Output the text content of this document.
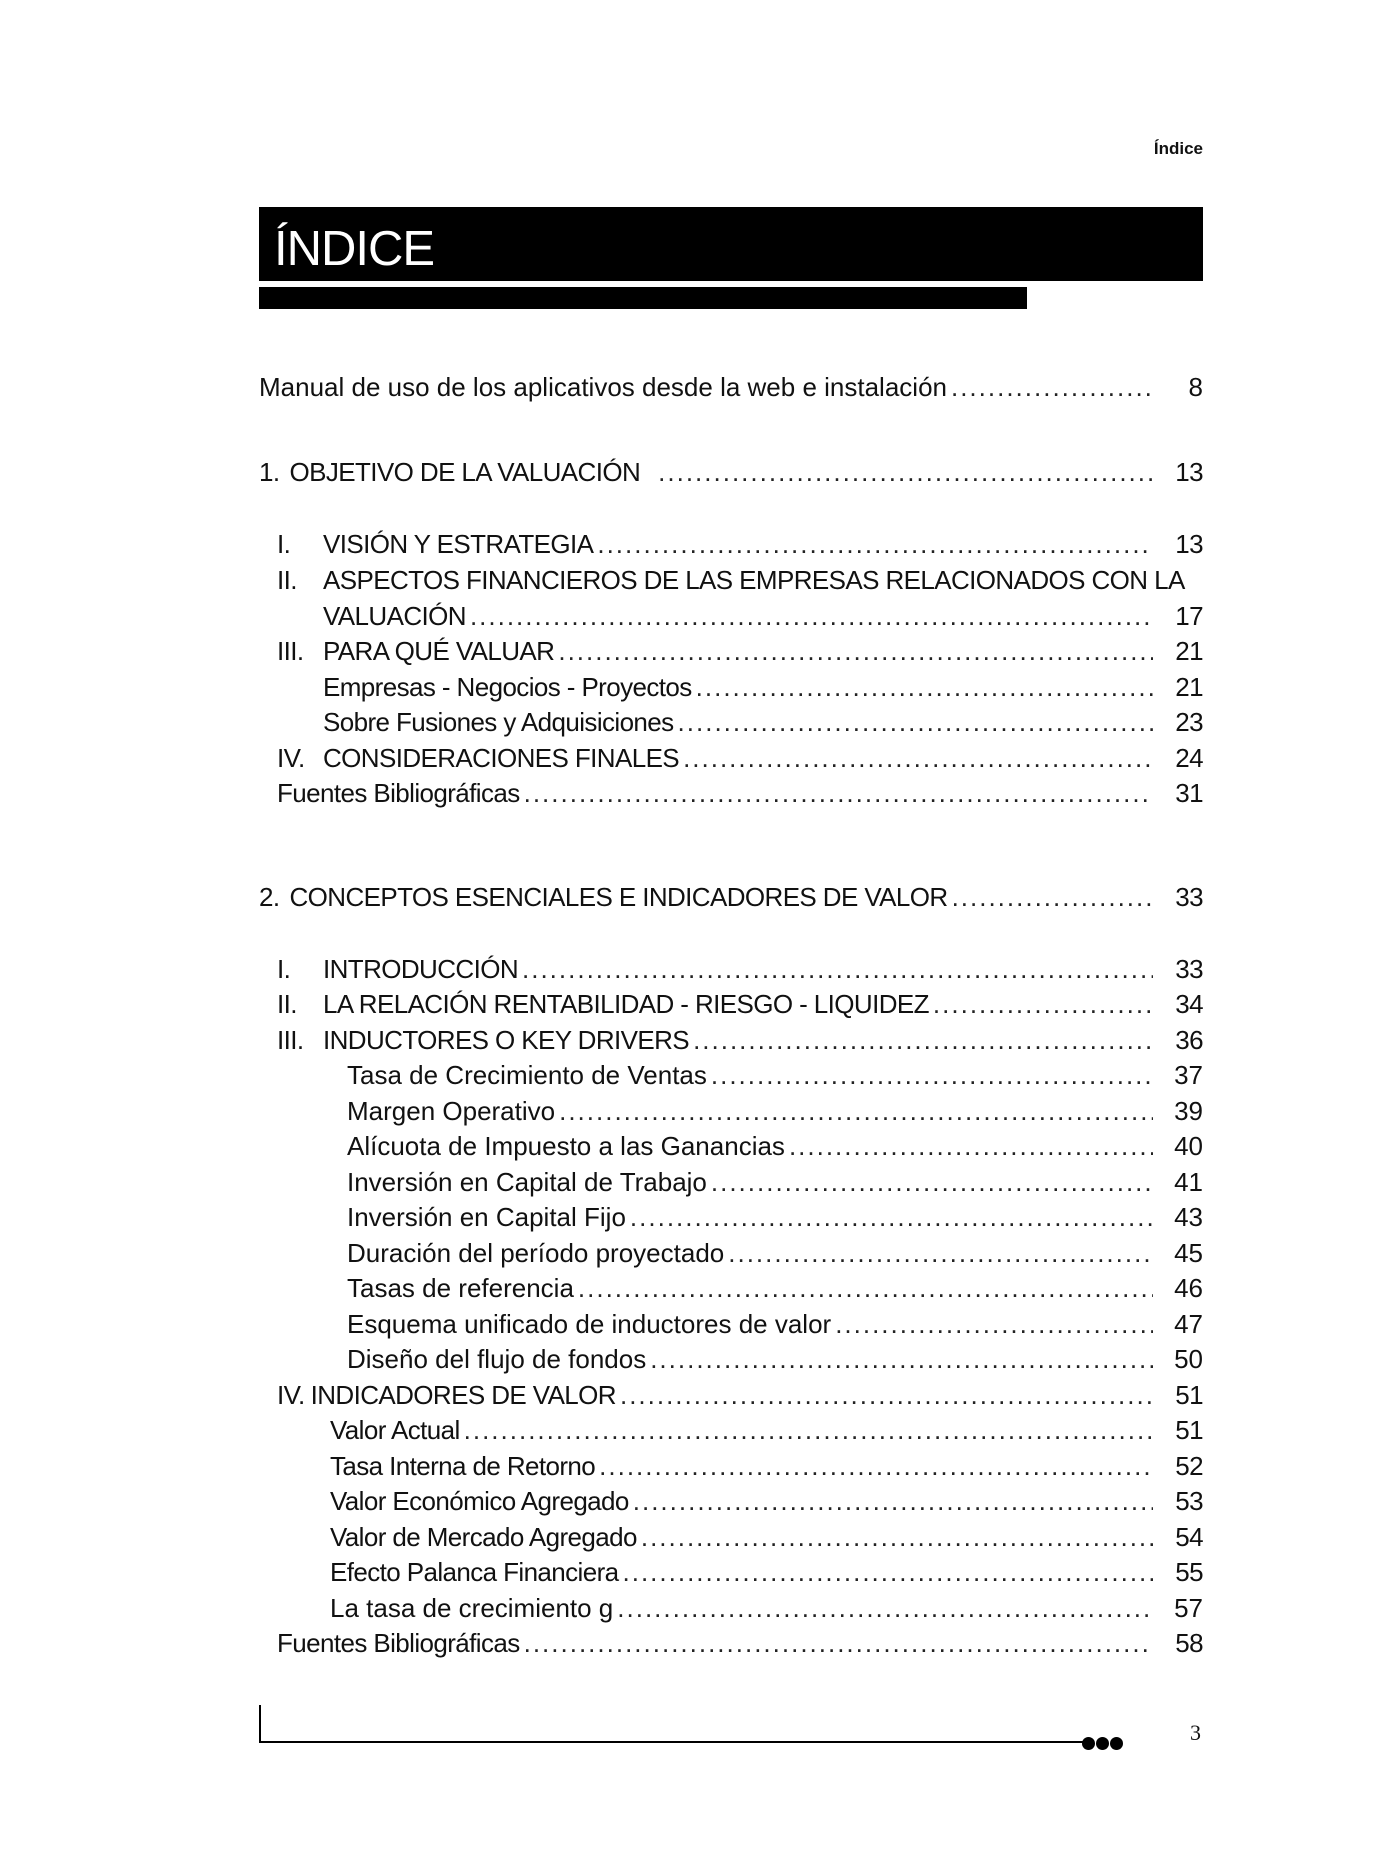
Índice
ÍNDICE
Manual de uso de los aplicativos desde la web e instalación .....	8
1. OBJETIVO DE LA VALUACIÓN .....	13
I.	VISIÓN Y ESTRATEGIA .....	13
II.	ASPECTOS FINANCIEROS DE LAS EMPRESAS RELACIONADOS CON LA
VALUACIÓN .....	17
III. PARA QUÉ VALUAR .....	21
Empresas - Negocios - Proyectos .....	21
Sobre Fusiones y Adquisiciones .....	23
IV. CONSIDERACIONES FINALES .....	24
Fuentes Bibliográficas .....	31
2. CONCEPTOS ESENCIALES E INDICADORES DE VALOR .....	33
I.	INTRODUCCIÓN .....	33
II.	LA RELACIÓN RENTABILIDAD - RIESGO - LIQUIDEZ .....	34
III. INDUCTORES O KEY DRIVERS .....	36
Tasa de Crecimiento de Ventas .....	37
Margen Operativo .....	39
Alícuota de Impuesto a las Ganancias .....	40
Inversión en Capital de Trabajo .....	41
Inversión en Capital Fijo .....	43
Duración del período proyectado .....	45
Tasas de referencia .....	46
Esquema unificado de inductores de valor .....	47
Diseño del flujo de fondos .....	50
IV. INDICADORES DE VALOR .....	51
Valor Actual .....	51
Tasa Interna de Retorno .....	52
Valor Económico Agregado .....	53
Valor de Mercado Agregado .....	54
Efecto Palanca Financiera .....	55
La tasa de crecimiento g .....	57
Fuentes Bibliográficas .....	58
3
